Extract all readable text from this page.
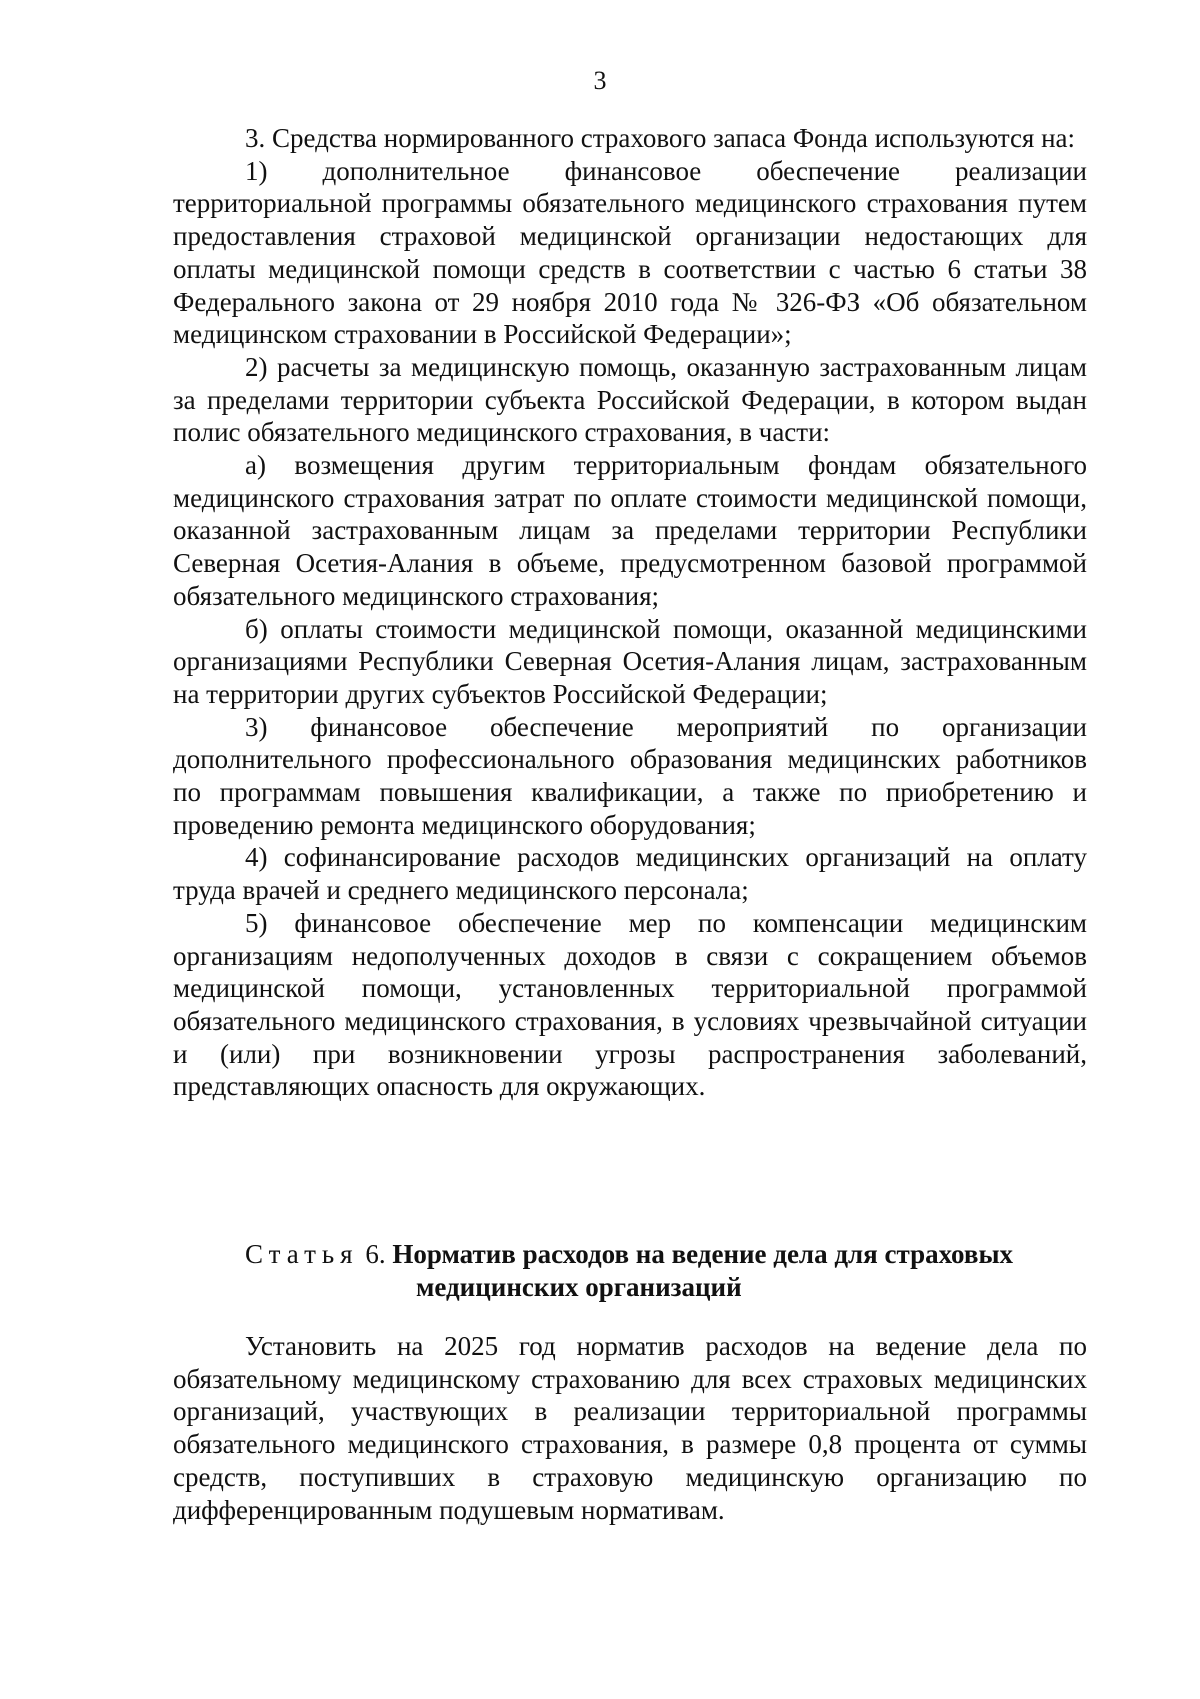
3

3. Средства нормированного страхового запаса Фонда используются на:

1) дополнительное финансовое обеспечение реализации территориальной программы обязательного медицинского страхования путем предоставления страховой медицинской организации недостающих для оплаты медицинской помощи средств в соответствии с частью 6 статьи 38 Федерального закона от 29 ноября 2010 года № 326-ФЗ «Об обязательном медицинском страховании в Российской Федерации»;

2) расчеты за медицинскую помощь, оказанную застрахованным лицам за пределами территории субъекта Российской Федерации, в котором выдан полис обязательного медицинского страхования, в части:

а) возмещения другим территориальным фондам обязательного медицинского страхования затрат по оплате стоимости медицинской помощи, оказанной застрахованным лицам за пределами территории Республики Северная Осетия-Алания в объеме, предусмотренном базовой программой обязательного медицинского страхования;

б) оплаты стоимости медицинской помощи, оказанной медицинскими организациями Республики Северная Осетия-Алания лицам, застрахованным на территории других субъектов Российской Федерации;

3) финансовое обеспечение мероприятий по организации дополнительного профессионального образования медицинских работников по программам повышения квалификации, а также по приобретению и проведению ремонта медицинского оборудования;

4) софинансирование расходов медицинских организаций на оплату труда врачей и среднего медицинского персонала;

5) финансовое обеспечение мер по компенсации медицинским организациям недополученных доходов в связи с сокращением объемов медицинской помощи, установленных территориальной программой обязательного медицинского страхования, в условиях чрезвычайной ситуации и (или) при возникновении угрозы распространения заболеваний, представляющих опасность для окружающих.

Статья 6. Норматив расходов на ведение дела для страховых
медицинских организаций

Установить на 2025 год норматив расходов на ведение дела по обязательному медицинскому страхованию для всех страховых медицинских организаций, участвующих в реализации территориальной программы обязательного медицинского страхования, в размере 0,8 процента от суммы средств, поступивших в страховую медицинскую организацию по дифференцированным подушевым нормативам.
